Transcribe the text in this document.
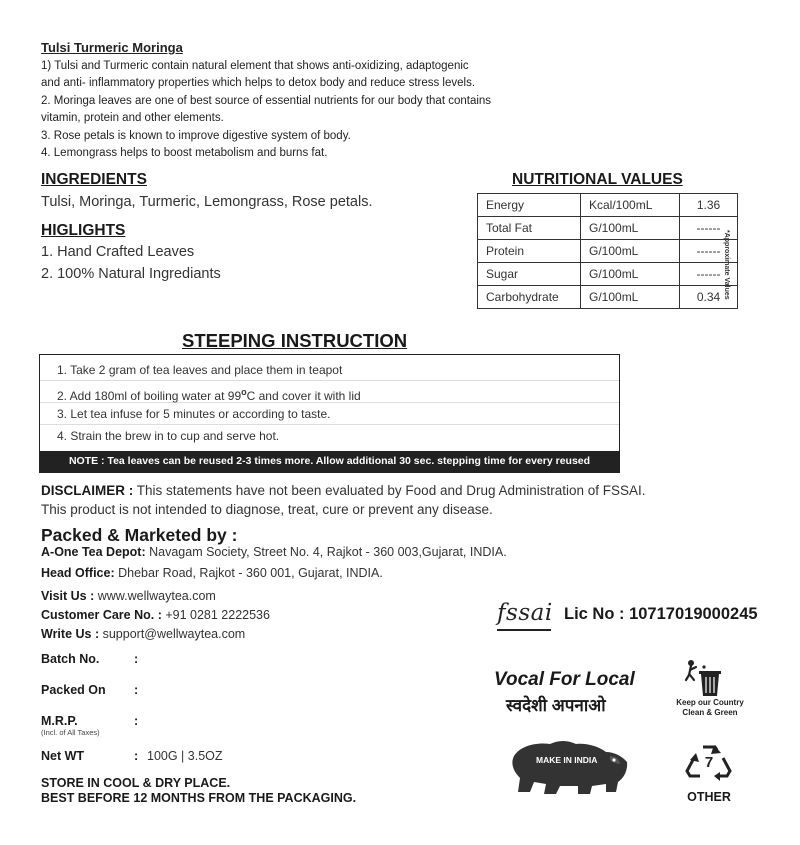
Tulsi Turmeric Moringa
1) Tulsi and Turmeric contain natural element that shows anti-oxidizing, adaptogenic
and anti- inflammatory properties which helps to detox body and reduce stress levels.
2. Moringa leaves are one of best source of essential nutrients for our body that contains
vitamin, protein and other elements.
3. Rose petals is known to improve digestive system of body.
4. Lemongrass helps to boost metabolism and burns fat.
INGREDIENTS
Tulsi, Moringa, Turmeric, Lemongrass, Rose petals.
HIGLIGHTS
1. Hand Crafted Leaves
2. 100% Natural Ingrediants
NUTRITIONAL VALUES
Energy	Kcal/100mL	1.36
Total Fat	G/100mL	------
Protein	G/100mL	------
Sugar	G/100mL	------
Carbohydrate	G/100mL	0.34 *Approximate Values
STEEPING INSTRUCTION
1. Take 2 gram of tea leaves and place them in teapot
2. Add 180ml of boiling water at 99$^o$C and cover it with lid
3. Let tea infuse for 5 minutes or according to taste.
4. Strain the brew in to cup and serve hot.
NOTE : Tea leaves can be reused 2-3 times more. Allow additional 30 sec. stepping time for every reused
DISCLAIMER : This statements have not been evaluated by Food and Drug Administration of FSSAI.
This product is not intended to diagnose, treat, cure or prevent any disease.
Packed & Marketed by :
A-One Tea Depot: Navagam Society, Street No. 4, Rajkot - 360 003,Gujarat, INDIA.
Head Office: Dhebar Road, Rajkot - 360 001, Gujarat, INDIA.
Visit Us : www.wellwaytea.com
Customer Care No. : +91 0281 2222536
Write Us : support@wellwaytea.com
Batch No.	:
Packed On :
M.R.P.	:
(Incl. of All Taxes)
Net WT	: 100G | 3.5OZ
STORE IN COOL & DRY PLACE.
BEST BEFORE 12 MONTHS FROM THE PACKAGING.
fssai Lic No : 10717019000245
Vocal For Local
स्वदेशी अपनाओ	Keep our Country
Clean & Green
MAKE IN INDIA	7
OTHER
